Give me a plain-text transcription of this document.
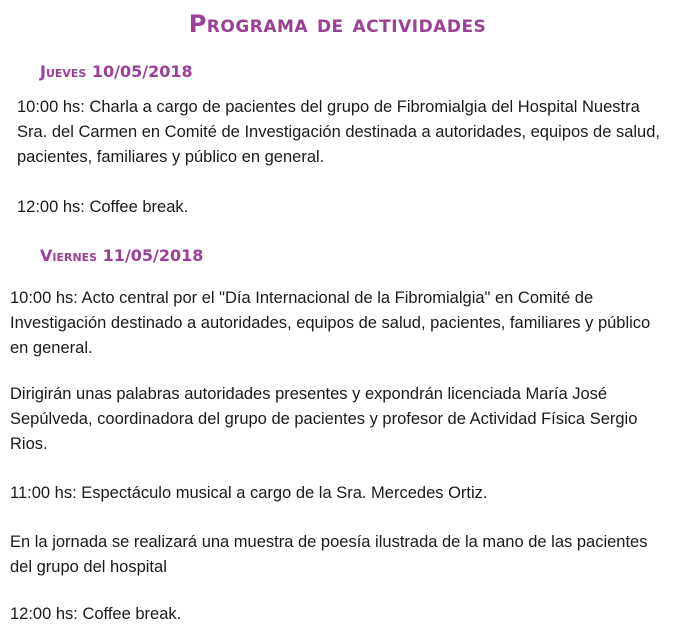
Programa de actividades
Jueves 10/05/2018

10:00 hs: Charla a cargo de pacientes del grupo de Fibromialgia del Hospital Nuestra Sra. del Carmen en Comité de Investigación destinada a autoridades, equipos de salud, pacientes, familiares y público en general.

12:00 hs: Coffee break.

Viernes 11/05/2018

10:00 hs: Acto central por el "Día Internacional de la Fibromialgia" en Comité de Investigación destinado a autoridades, equipos de salud, pacientes, familiares y público en general.

Dirigirán unas palabras autoridades presentes y expondrán licenciada María José Sepúlveda, coordinadora del grupo de pacientes y profesor de Actividad Física Sergio Rios.

11:00 hs: Espectáculo musical a cargo de la Sra. Mercedes Ortiz.

En la jornada se realizará una muestra de poesía ilustrada de la mano de las pacientes del grupo del hospital

12:00 hs: Coffee break.
